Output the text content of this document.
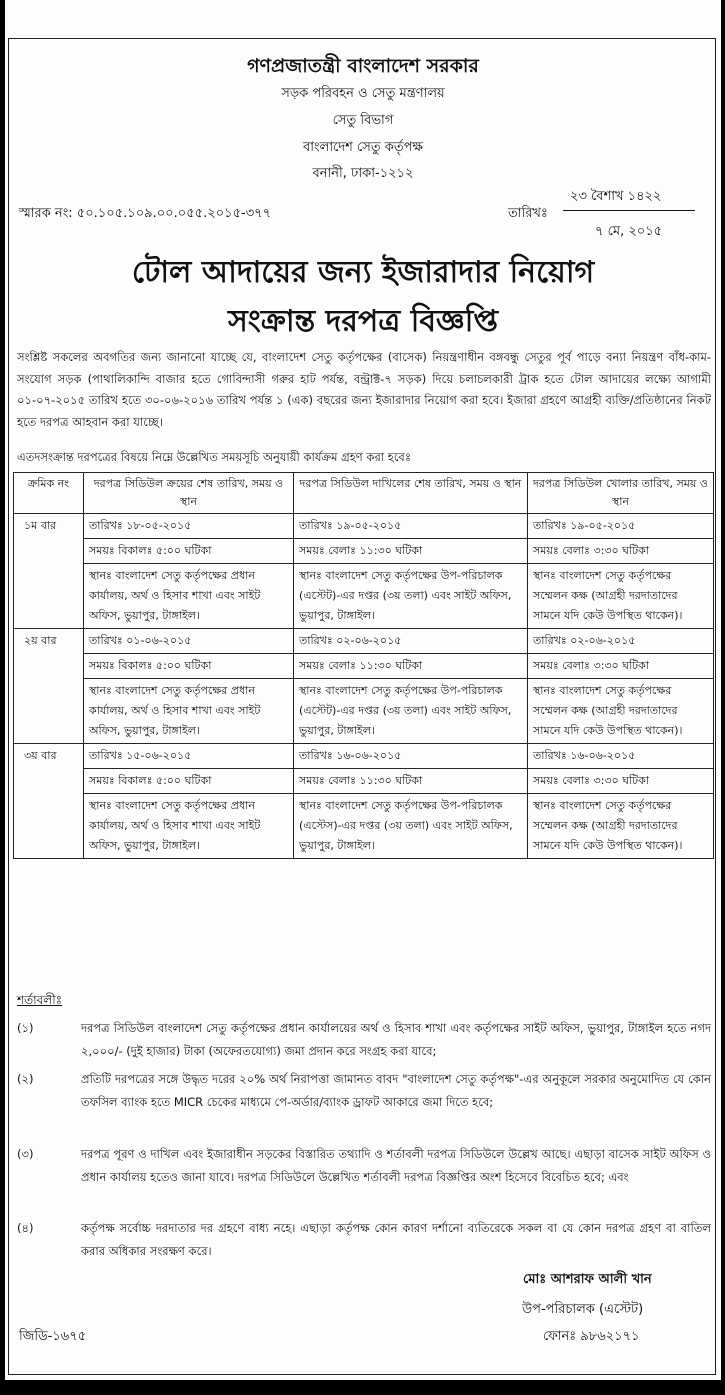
গণপ্রজাতন্ত্রী বাংলাদেশ সরকার
সড়ক পরিবহন ও সেতু মন্ত্রণালয়
সেতু বিভাগ
বাংলাদেশ সেতু কর্তৃপক্ষ
বনানী, ঢাকা-১২১২
স্মারক নং: ৫০.১০৫.১০৯.০০.০৫৫.২০১৫-৩৭৭	তারিখঃ
২৩ বৈশাখ ১৪২২
৭ মে, ২০১৫
টোল আদায়ের জন্য ইজারাদার নিয়োগ
সংক্রান্ত দরপত্র বিজ্ঞপ্তি
সংশ্লিষ্ট সকলের অবগতির জন্য জানানো যাচ্ছে যে, বাংলাদেশ সেতু কর্তৃপক্ষের (বাসেক) নিয়ন্ত্রণাধীন বঙ্গবন্ধু সেতুর পূর্ব পাড়ে বন্যা নিয়ন্ত্রণ বাঁধ-কাম-সংযোগ সড়ক (পাথালিকান্দি বাজার হতে গোবিন্দাসী গরুর হাট পর্যন্ত, বন্ট্রাক্ট-৭ সড়ক) দিয়ে চলাচলকারী ট্রাক হতে টোল আদায়ের লক্ষ্যে আগামী ০১-০৭-২০১৫ তারিখ হতে ৩০-০৬-২০১৬ তারিখ পর্যন্ত ১ (এক) বছরের জন্য ইজারাদার নিয়োগ করা হবে। ইজারা গ্রহণে আগ্রহী ব্যক্তি/প্রতিষ্ঠানের নিকট হতে দরপত্র আহবান করা যাচ্ছে।
এতদসংক্রান্ত দরপত্রের বিষয়ে নিম্নে উল্লেখিত সময়সূচি অনুযায়ী কার্যক্রম গ্রহণ করা হবেঃ
ক্রমিক নং	দরপত্র সিডিউল ক্রয়ের শেষ তারিখ, সময় ও স্থান	দরপত্র সিডিউল দাখিলের শেষ তারিখ, সময় ও স্থান	দরপত্র সিডিউল খোলার তারিখ, সময় ও স্থান
১ম বার	তারিখঃ ১৮-০৫-২০১৫	তারিখঃ ১৯-০৫-২০১৫	তারিখঃ ১৯-০৫-২০১৫
	সময়ঃ বিকালঃ ৫:০০ ঘটিকা	সময়ঃ বেলাঃ ১১:৩০ ঘটিকা	সময়ঃ বেলাঃ ৩:৩০ ঘটিকা
	স্থানঃ বাংলাদেশ সেতু কর্তৃপক্ষের প্রধান কার্যালয়, অর্থ ও হিসাব শাখা এবং সাইট অফিস, ভুয়াপুর, টাঙ্গাইল।	স্থানঃ বাংলাদেশ সেতু কর্তৃপক্ষের উপ-পরিচালক (এস্টেট)-এর দপ্তর (৩য় তলা) এবং সাইট অফিস, ভুয়াপুর, টাঙ্গাইল।	স্থানঃ বাংলাদেশ সেতু কর্তৃপক্ষের সম্মেলন কক্ষ (আগ্রহী দরদাতাদের সামনে যদি কেউ উপস্থিত থাকেন)।
২য় বার	তারিখঃ ০১-০৬-২০১৫	তারিখঃ ০২-০৬-২০১৫	তারিখঃ ০২-০৬-২০১৫
	সময়ঃ বিকালঃ ৫:০০ ঘটিকা	সময়ঃ বেলাঃ ১১:৩০ ঘটিকা	সময়ঃ বেলাঃ ৩:৩০ ঘটিকা
	স্থানঃ বাংলাদেশ সেতু কর্তৃপক্ষের প্রধান কার্যালয়, অর্থ ও হিসাব শাখা এবং সাইট অফিস, ভুয়াপুর, টাঙ্গাইল।	স্থানঃ বাংলাদেশ সেতু কর্তৃপক্ষের উপ-পরিচালক (এস্টেট)-এর দপ্তর (৩য় তলা) এবং সাইট অফিস, ভুয়াপুর, টাঙ্গাইল।	স্থানঃ বাংলাদেশ সেতু কর্তৃপক্ষের সম্মেলন কক্ষ (আগ্রহী দরদাতাদের সামনে যদি কেউ উপস্থিত থাকেন)।
৩য় বার	তারিখঃ ১৫-০৬-২০১৫	তারিখঃ ১৬-০৬-২০১৫	তারিখঃ ১৬-০৬-২০১৫
	সময়ঃ বিকালঃ ৫:০০ ঘটিকা	সময়ঃ বেলাঃ ১১:৩০ ঘটিকা	সময়ঃ বেলাঃ ৩:৩০ ঘটিকা
	স্থানঃ বাংলাদেশ সেতু কর্তৃপক্ষের প্রধান কার্যালয়, অর্থ ও হিসাব শাখা এবং সাইট অফিস, ভুয়াপুর, টাঙ্গাইল।	স্থানঃ বাংলাদেশ সেতু কর্তৃপক্ষের উপ-পরিচালক (এস্টেস)-এর দপ্তর (৩য় তলা) এবং সাইট অফিস, ভুয়াপুর, টাঙ্গাইল।	স্থানঃ বাংলাদেশ সেতু কর্তৃপক্ষের সম্মেলন কক্ষ (আগ্রহী দরদাতাদের সামনে যদি কেউ উপস্থিত থাকেন)।
শর্তাবলীঃ
(১)	দরপত্র সিডিউল বাংলাদেশ সেতু কর্তৃপক্ষের প্রধান কার্যালয়ের অর্থ ও হিসাব শাখা এবং কর্তৃপক্ষের সাইট অফিস, ভুয়াপুর, টাঙ্গাইল হতে নগদ ২,০০০/- (দুই হাজার) টাকা (অফেরতযোগ্য) জমা প্রদান করে সংগ্রহ করা যাবে;
(২)	প্রতিটি দরপত্রের সঙ্গে উদ্ধৃত দরের ২০% অর্থ নিরাপত্তা জামানত বাবদ "বাংলাদেশ সেতু কর্তৃপক্ষ"-এর অনুকূলে সরকার অনুমোদিত যে কোন তফসিল ব্যাংক হতে MICR চেকের মাধ্যমে পে-অর্ডার/ব্যাংক ড্রাফট আকারে জমা দিতে হবে;
(৩)	দরপত্র পূরণ ও দাখিল এবং ইজারাধীন সড়কের বিস্তারিত তথ্যাদি ও শর্তাবলী দরপত্র সিডিউলে উল্লেখ আছে। এছাড়া বাসেক সাইট অফিস ও প্রধান কার্যালয় হতেও জানা যাবে। দরপত্র সিডিউলে উল্লেখিত শর্তাবলী দরপত্র বিজ্ঞপ্তির অংশ হিসেবে বিবেচিত হবে; এবং
(৪)	কর্তৃপক্ষ সর্বোচ্চ দরদাতার দর গ্রহণে বাধ্য নহে। এছাড়া কর্তৃপক্ষ কোন কারণ দর্শানো ব্যতিরেকে সকল বা যে কোন দরপত্র গ্রহণ বা বাতিল করার অধিকার সংরক্ষণ করে।
মোঃ আশরাফ আলী খান
উপ-পরিচালক (এস্টেট)
জিডি-১৬৭৫	ফোনঃ ৯৮৬২১৭১
